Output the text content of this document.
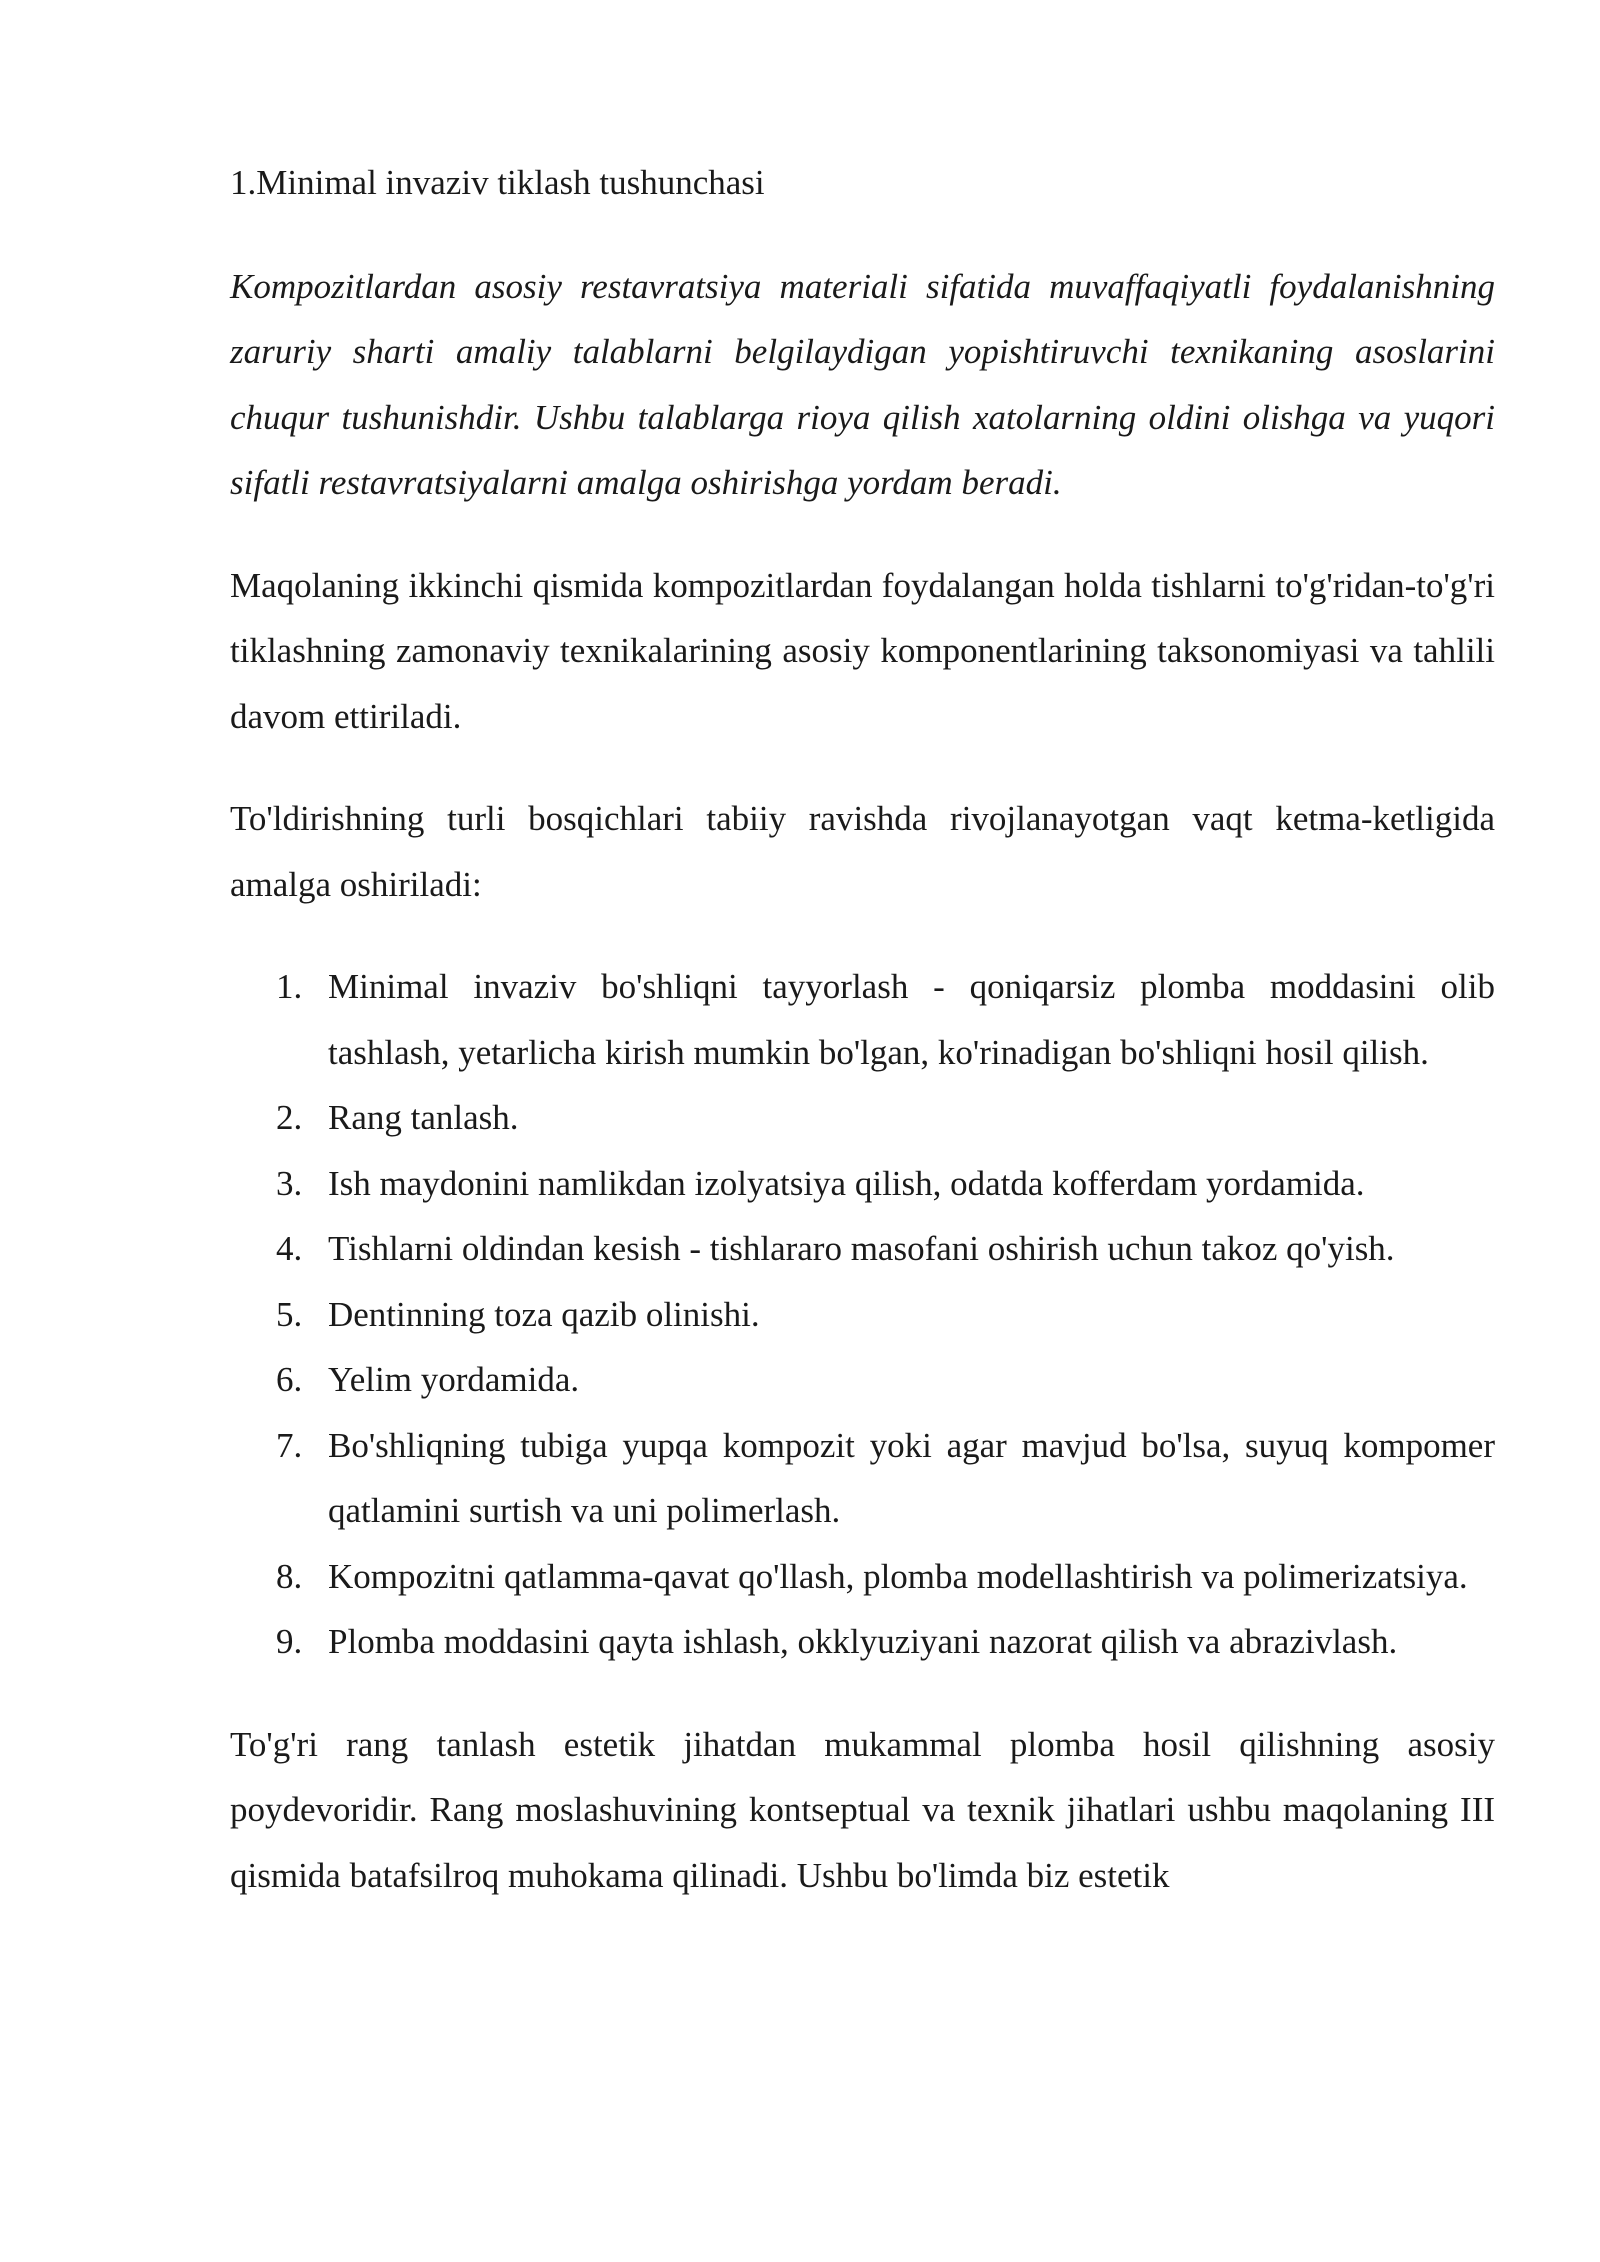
1.Minimal invaziv tiklash tushunchasi

Kompozitlardan asosiy restavratsiya materiali sifatida muvaffaqiyatli foydalanishning zaruriy sharti amaliy talablarni belgilaydigan yopishtiruvchi texnikaning asoslarini chuqur tushunishdir. Ushbu talablarga rioya qilish xatolarning oldini olishga va yuqori sifatli restavratsiyalarni amalga oshirishga yordam beradi.

Maqolaning ikkinchi qismida kompozitlardan foydalangan holda tishlarni to'g'ridan-to'g'ri tiklashning zamonaviy texnikalarining asosiy komponentlarining taksonomiyasi va tahlili davom ettiriladi.

To'ldirishning turli bosqichlari tabiiy ravishda rivojlanayotgan vaqt ketma-ketligida amalga oshiriladi:

1. Minimal invaziv bo'shliqni tayyorlash - qoniqarsiz plomba moddasini olib tashlash, yetarlicha kirish mumkin bo'lgan, ko'rinadigan bo'shliqni hosil qilish.
2. Rang tanlash.
3. Ish maydonini namlikdan izolyatsiya qilish, odatda kofferdam yordamida.
4. Tishlarni oldindan kesish - tishlararo masofani oshirish uchun takoz qo'yish.
5. Dentinning toza qazib olinishi.
6. Yelim yordamida.
7. Bo'shliqning tubiga yupqa kompozit yoki agar mavjud bo'lsa, suyuq kompomer qatlamini surtish va uni polimerlash.
8. Kompozitni qatlamma-qavat qo'llash, plomba modellashtirish va polimerizatsiya.
9. Plomba moddasini qayta ishlash, okklyuziyani nazorat qilish va abrazivlash.

To'g'ri rang tanlash estetik jihatdan mukammal plomba hosil qilishning asosiy poydevoridir. Rang moslashuvining kontseptual va texnik jihatlari ushbu maqolaning III qismida batafsilroq muhokama qilinadi. Ushbu bo'limda biz estetik
